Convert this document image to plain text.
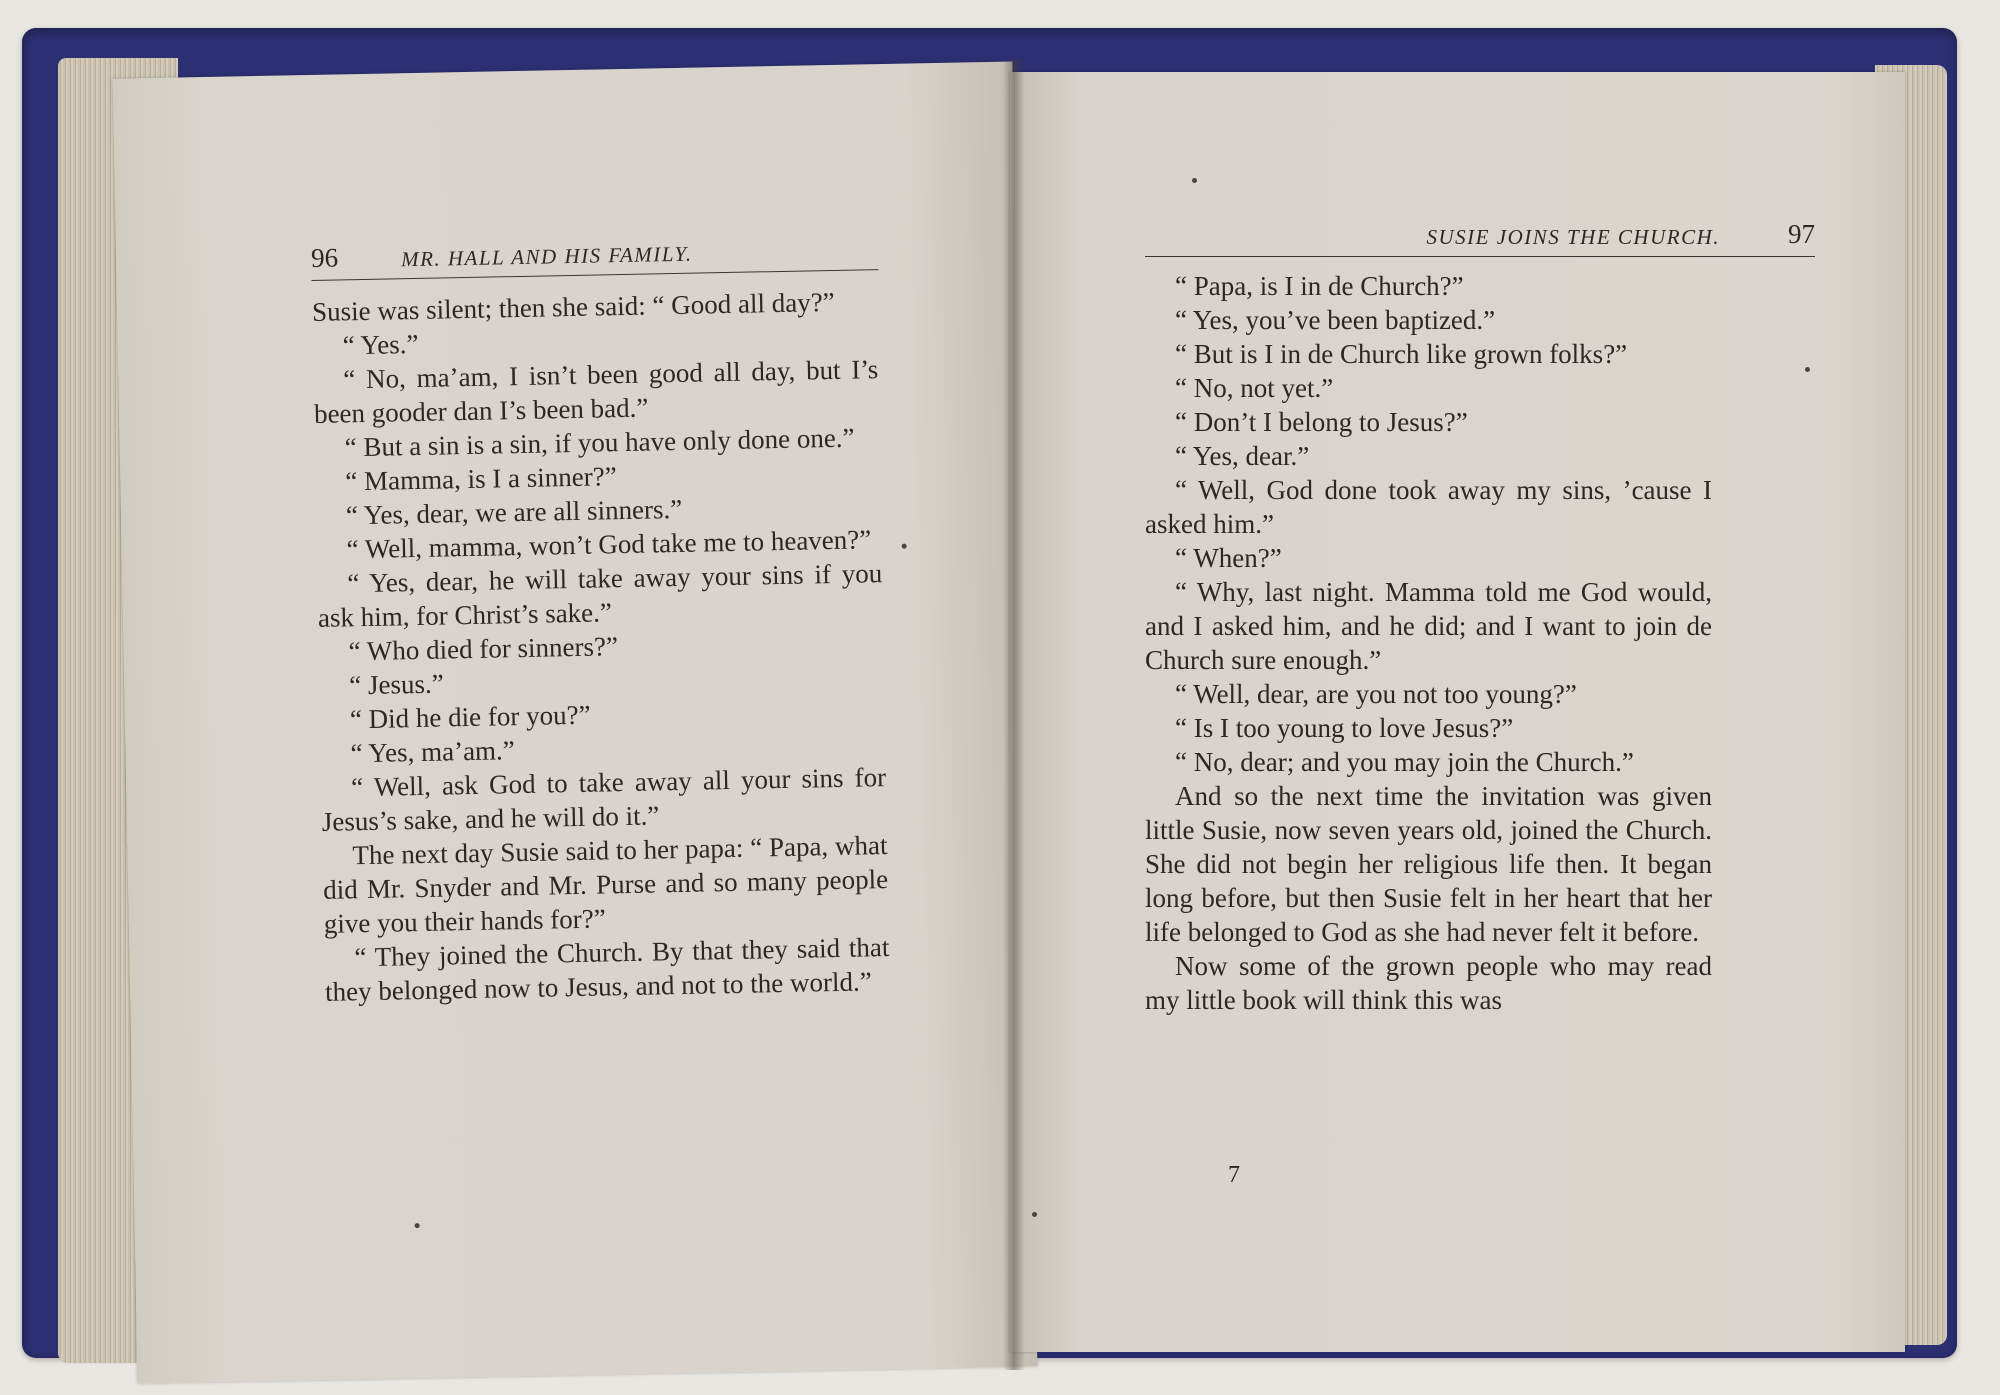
96	MR. HALL AND HIS FAMILY.

Susie was silent; then she said: “ Good all day?”

“ Yes.”

“ No, ma’am, I isn’t been good all day, but I’s been gooder dan I’s been bad.”

“ But a sin is a sin, if you have only done one.”

“ Mamma, is I a sinner?”

“ Yes, dear, we are all sinners.”

“ Well, mamma, won’t God take me to heaven?”

“ Yes, dear, he will take away your sins if you ask him, for Christ’s sake.”

“ Who died for sinners?”

“ Jesus.”

“ Did he die for you?”

“ Yes, ma’am.”

“ Well, ask God to take away all your sins for Jesus’s sake, and he will do it.”

The next day Susie said to her papa: “ Papa, what did Mr. Snyder and Mr. Purse and so many people give you their hands for?”

“ They joined the Church. By that they said that they belonged now to Jesus, and not to the world.”

SUSIE JOINS THE CHURCH.	97

“ Papa, is I in de Church?”

“ Yes, you’ve been baptized.”

“ But is I in de Church like grown folks?”

“ No, not yet.”

“ Don’t I belong to Jesus?”

“ Yes, dear.”

“ Well, God done took away my sins, ’cause I asked him.”

“ When?”

“ Why, last night. Mamma told me God would, and I asked him, and he did; and I want to join de Church sure enough.”

“ Well, dear, are you not too young?”

“ Is I too young to love Jesus?”

“ No, dear; and you may join the Church.”

And so the next time the invitation was given little Susie, now seven years old, joined the Church. She did not begin her religious life then. It began long before, but then Susie felt in her heart that her life belonged to God as she had never felt it before.

Now some of the grown people who may read my little book will think this was

7
